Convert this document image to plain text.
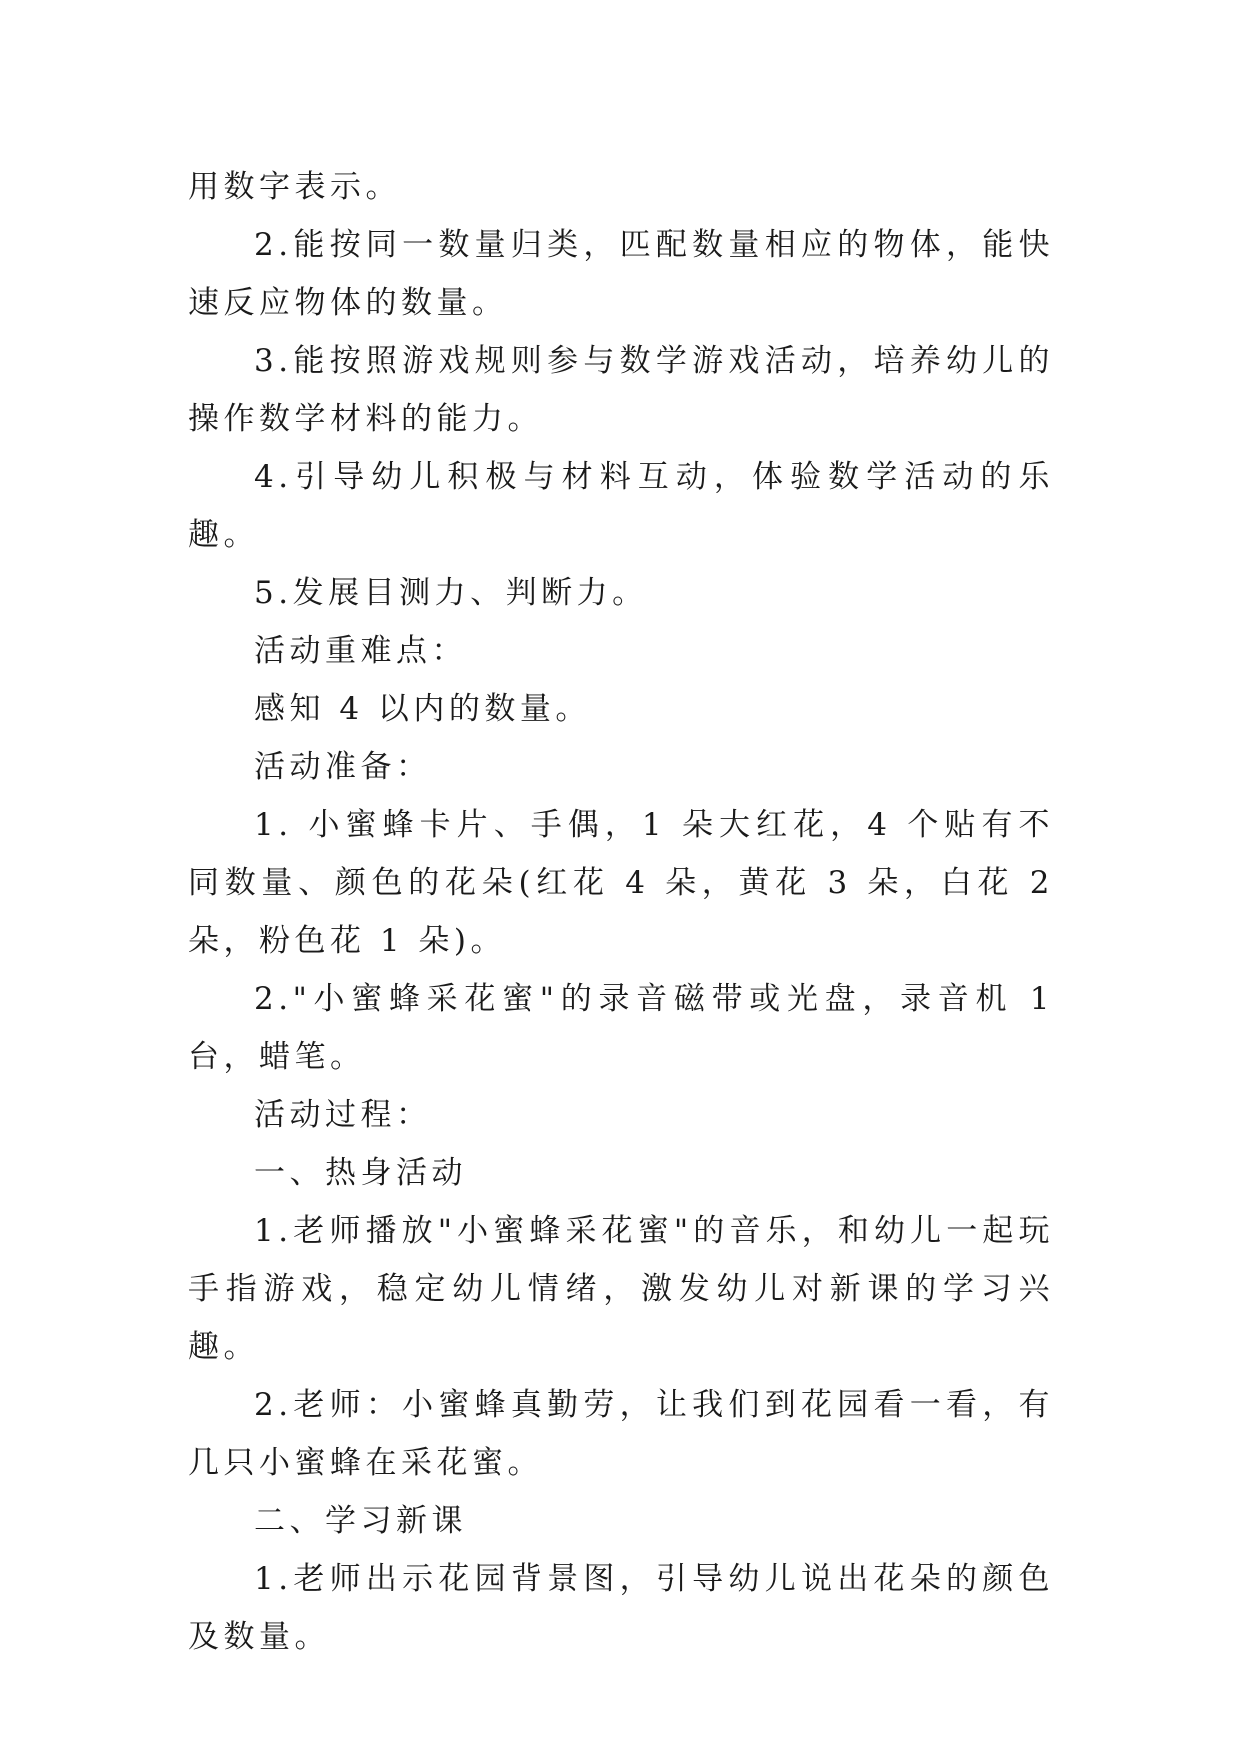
用数字表示。

2.能按同一数量归类，匹配数量相应的物体，能快速反应物体的数量。

3.能按照游戏规则参与数学游戏活动，培养幼儿的操作数学材料的能力。

4.引导幼儿积极与材料互动，体验数学活动的乐趣。

5.发展目测力、判断力。

活动重难点：

感知 4 以内的数量。

活动准备：

1. 小蜜蜂卡片、手偶，1 朵大红花，4 个贴有不同数量、颜色的花朵(红花 4 朵，黄花 3 朵，白花 2 朵，粉色花 1 朵)。

2."小蜜蜂采花蜜"的录音磁带或光盘，录音机 1 台，蜡笔。

活动过程：

一、热身活动

1.老师播放"小蜜蜂采花蜜"的音乐，和幼儿一起玩手指游戏，稳定幼儿情绪，激发幼儿对新课的学习兴趣。

2.老师：小蜜蜂真勤劳，让我们到花园看一看，有几只小蜜蜂在采花蜜。

二、学习新课

1.老师出示花园背景图，引导幼儿说出花朵的颜色及数量。
